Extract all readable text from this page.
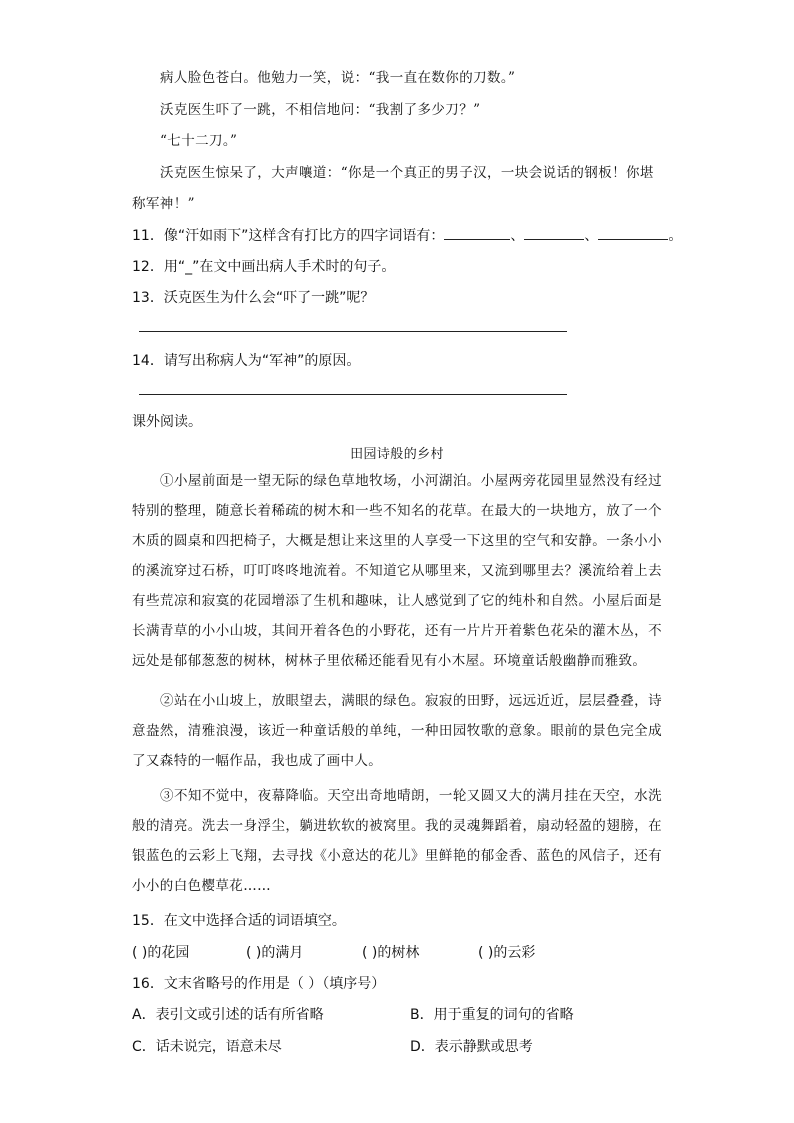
病人脸色苍白。他勉力一笑，说：“我一直在数你的刀数。”
沃克医生吓了一跳，不相信地问：“我割了多少刀？”
“七十二刀。”
沃克医生惊呆了，大声嚷道：“你是一个真正的男子汉，一块会说话的钢板！你堪
称军神！”
11．像“汗如雨下”这样含有打比方的四字词语有：	、	、	。
12．用“_”在文中画出病人手术时的句子。
13．沃克医生为什么会“吓了一跳”呢？
14．请写出称病人为“军神”的原因。
课外阅读。
田园诗般的乡村
①小屋前面是一望无际的绿色草地牧场，小河湖泊。小屋两旁花园里显然没有经过特别的整理，随意长着稀疏的树木和一些不知名的花草。在最大的一块地方，放了一个木质的圆桌和四把椅子，大概是想让来这里的人享受一下这里的空气和安静。一条小小的溪流穿过石桥，叮叮咚咚地流着。不知道它从哪里来，又流到哪里去？溪流给着上去有些荒凉和寂寞的花园增添了生机和趣味，让人感觉到了它的纯朴和自然。小屋后面是长满青草的小小山坡，其间开着各色的小野花，还有一片片开着紫色花朵的灌木丛，不远处是郁郁葱葱的树林，树林子里依稀还能看见有小木屋。环境童话般幽静而雅致。
②站在小山坡上，放眼望去，满眼的绿色。寂寂的田野，远远近近，层层叠叠，诗意盎然，清雅浪漫，该近一种童话般的单纯，一种田园牧歌的意象。眼前的景色完全成了又森特的一幅作品，我也成了画中人。
③不知不觉中，夜幕降临。天空出奇地晴朗，一轮又圆又大的满月挂在天空，水洗般的清亮。洗去一身浮尘，躺进软软的被窝里。我的灵魂舞蹈着，扇动轻盈的翅膀，在银蓝色的云彩上飞翔，去寻找《小意达的花儿》里鲜艳的郁金香、蓝色的风信子，还有小小的白色樱草花……
15．在文中选择合适的词语填空。
( )的花园	( )的满月	( )的树林	( )的云彩
16．文末省略号的作用是（ ）（填序号）
A．表引文或引述的话有所省略	B．用于重复的词句的省略
C．话未说完，语意未尽	D．表示静默或思考
